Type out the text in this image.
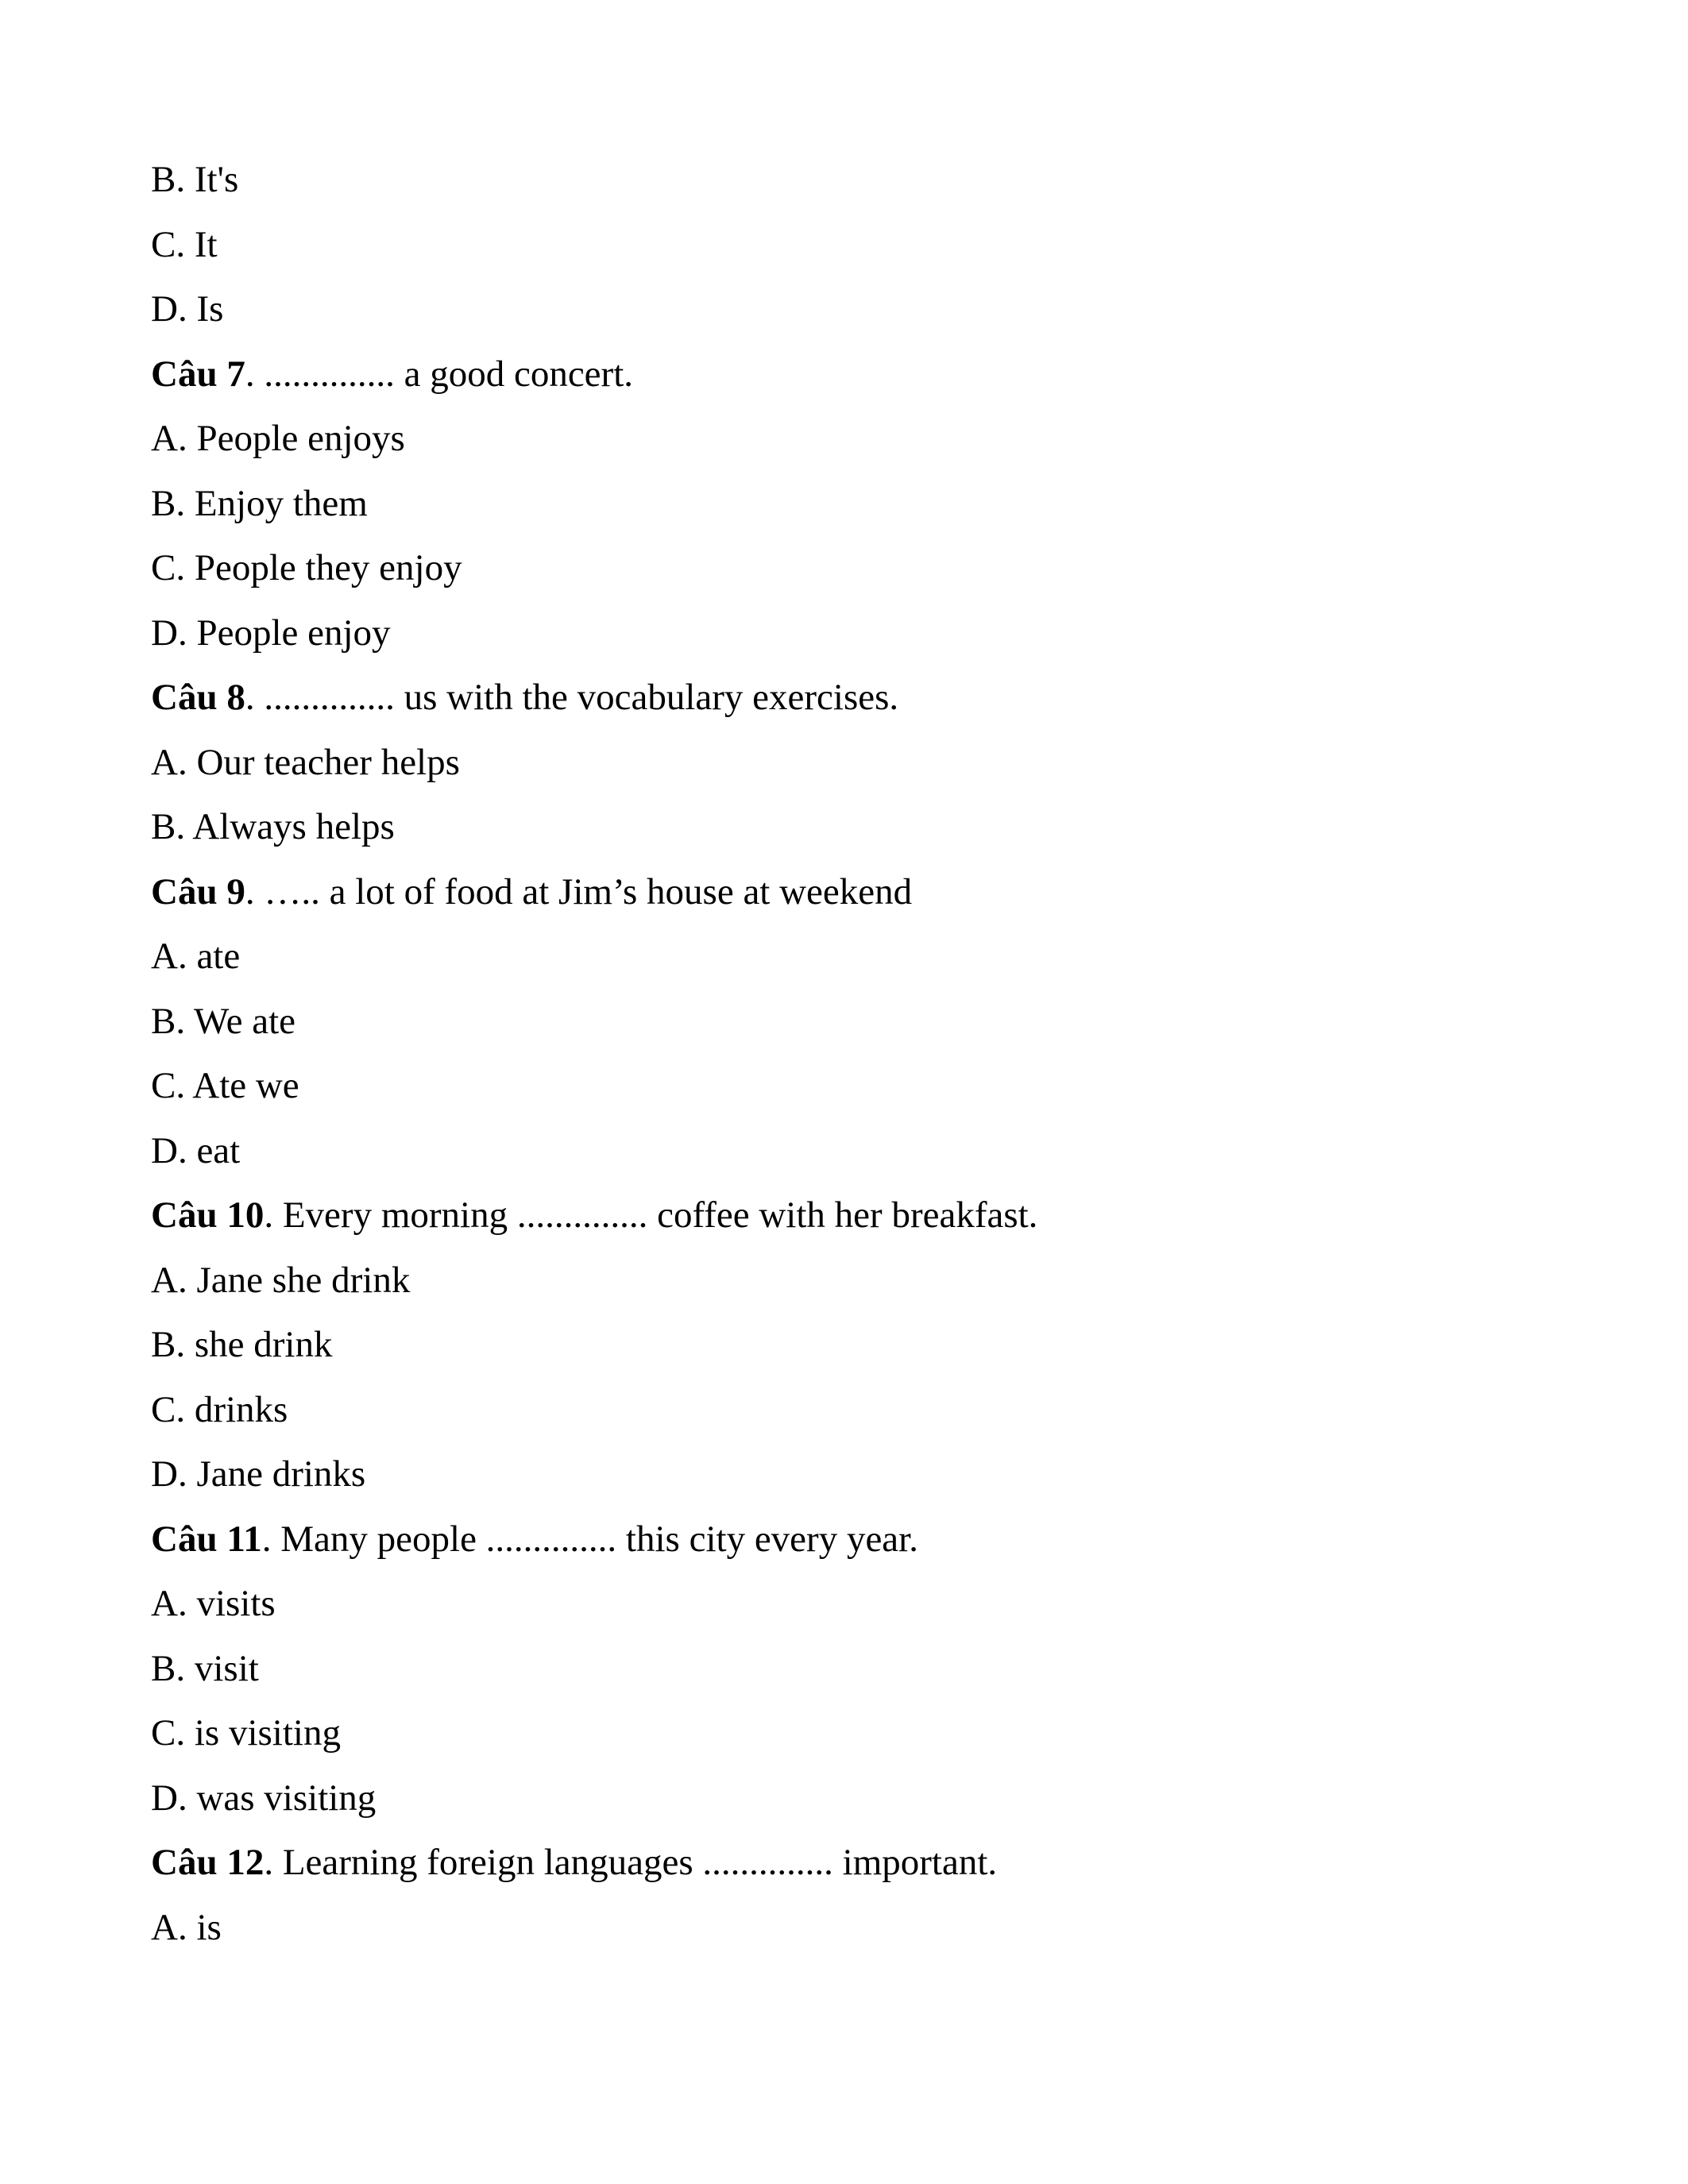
B. It's
C. It
D. Is
Câu 7. .............. a good concert.
A. People enjoys
B. Enjoy them
C. People they enjoy
D. People enjoy
Câu 8. .............. us with the vocabulary exercises.
A. Our teacher helps
B. Always helps
Câu 9. ….. a lot of food at Jim’s house at weekend
A. ate
B. We ate
C. Ate we
D. eat
Câu 10. Every morning .............. coffee with her breakfast.
A. Jane she drink
B. she drink
C. drinks
D. Jane drinks
Câu 11. Many people .............. this city every year.
A. visits
B. visit
C. is visiting
D. was visiting
Câu 12. Learning foreign languages .............. important.
A. is
